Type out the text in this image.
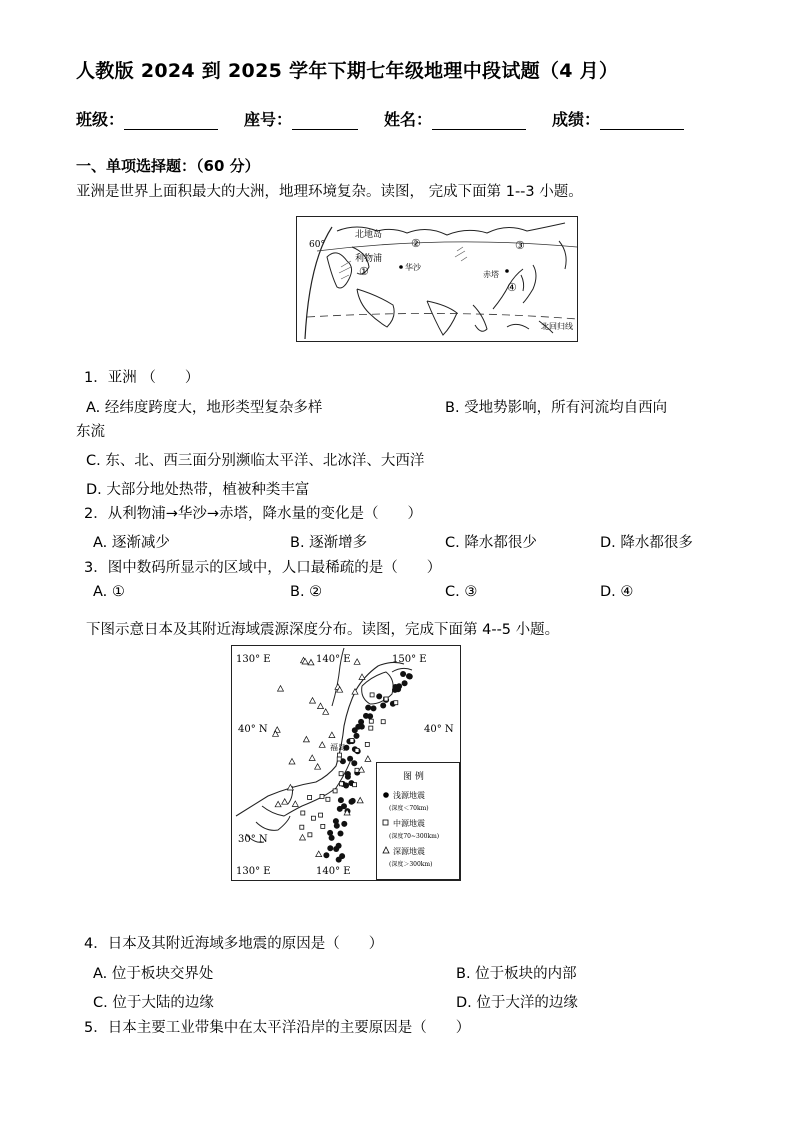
人教版 2024 到 2025 学年下期七年级地理中段试题（4 月）
班级：	座号：	姓名：	成绩：
一、单项选择题：（60 分）
亚洲是世界上面积最大的大洲，地理环境复杂。读图， 完成下面第 1--3 小题。
60°
北地岛
利物浦
华沙
赤塔
①
②	③
④
北回归线
1．亚洲 （　　）
A. 经纬度跨度大，地形类型复杂多样	B. 受地势影响，所有河流均自西向
东流
C. 东、北、西三面分别濒临太平洋、北冰洋、大西洋
D. 大部分地处热带，植被种类丰富
2．从利物浦→华沙→赤塔，降水量的变化是（　　）
A. 逐渐减少	B. 逐渐增多	C. 降水都很少	D. 降水都很多
3．图中数码所显示的区域中，人口最稀疏的是（　　）
A. ①	B. ②	C. ③	D. ④
下图示意日本及其附近海域震源深度分布。读图，完成下面第 4--5 小题。
130° E	140° E	150° E
130° E	140° E
40° N	40° N
30° N
福岛
图 例
浅源地震
(深度＜70km)
中源地震
(深度70~300km)
深源地震
(深度＞300km)
4．日本及其附近海域多地震的原因是（　　）
A. 位于板块交界处	B. 位于板块的内部
C. 位于大陆的边缘	D. 位于大洋的边缘
5．日本主要工业带集中在太平洋沿岸的主要原因是（　　）
